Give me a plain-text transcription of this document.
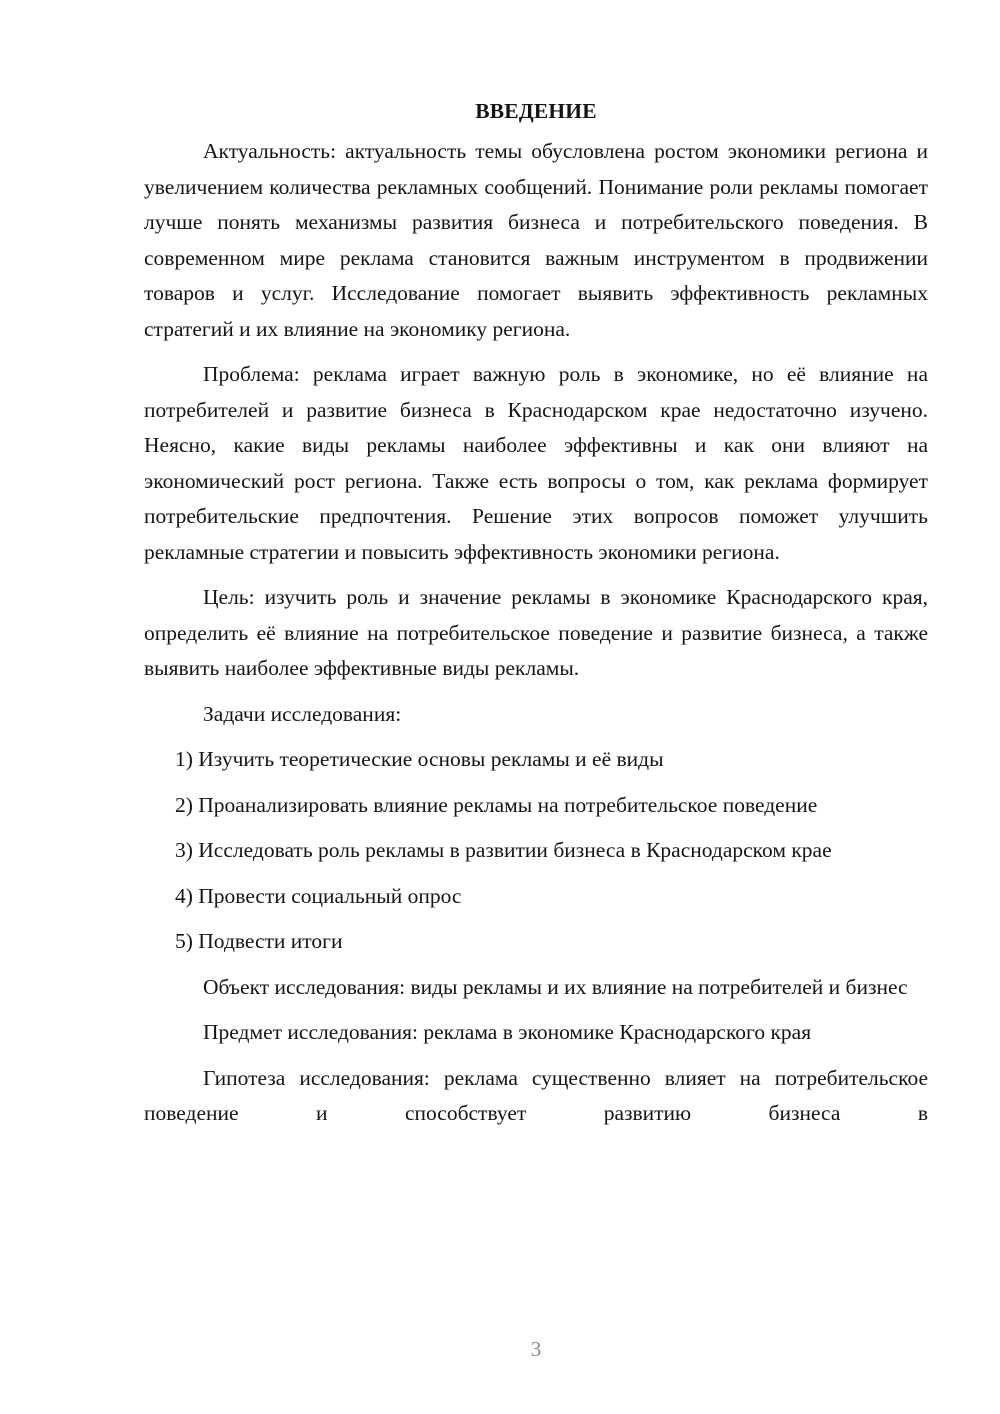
ВВЕДЕНИЕ

Актуальность: актуальность темы обусловлена ростом экономики региона и увеличением количества рекламных сообщений. Понимание роли рекламы помогает лучше понять механизмы развития бизнеса и потребительского поведения. В современном мире реклама становится важным инструментом в продвижении товаров и услуг. Исследование помогает выявить эффективность рекламных стратегий и их влияние на экономику региона.

Проблема: реклама играет важную роль в экономике, но её влияние на потребителей и развитие бизнеса в Краснодарском крае недостаточно изучено. Неясно, какие виды рекламы наиболее эффективны и как они влияют на экономический рост региона. Также есть вопросы о том, как реклама формирует потребительские предпочтения. Решение этих вопросов поможет улучшить рекламные стратегии и повысить эффективность экономики региона.

Цель: изучить роль и значение рекламы в экономике Краснодарского края, определить её влияние на потребительское поведение и развитие бизнеса, а также выявить наиболее эффективные виды рекламы.

Задачи исследования:

1) Изучить теоретические основы рекламы и её виды

2) Проанализировать влияние рекламы на потребительское поведение

3) Исследовать роль рекламы в развитии бизнеса в Краснодарском крае

4) Провести социальный опрос

5) Подвести итоги

Объект исследования: виды рекламы и их влияние на потребителей и бизнес

Предмет исследования: реклама в экономике Краснодарского края

Гипотеза исследования: реклама существенно влияет на потребительское поведение и способствует развитию бизнеса в

3
